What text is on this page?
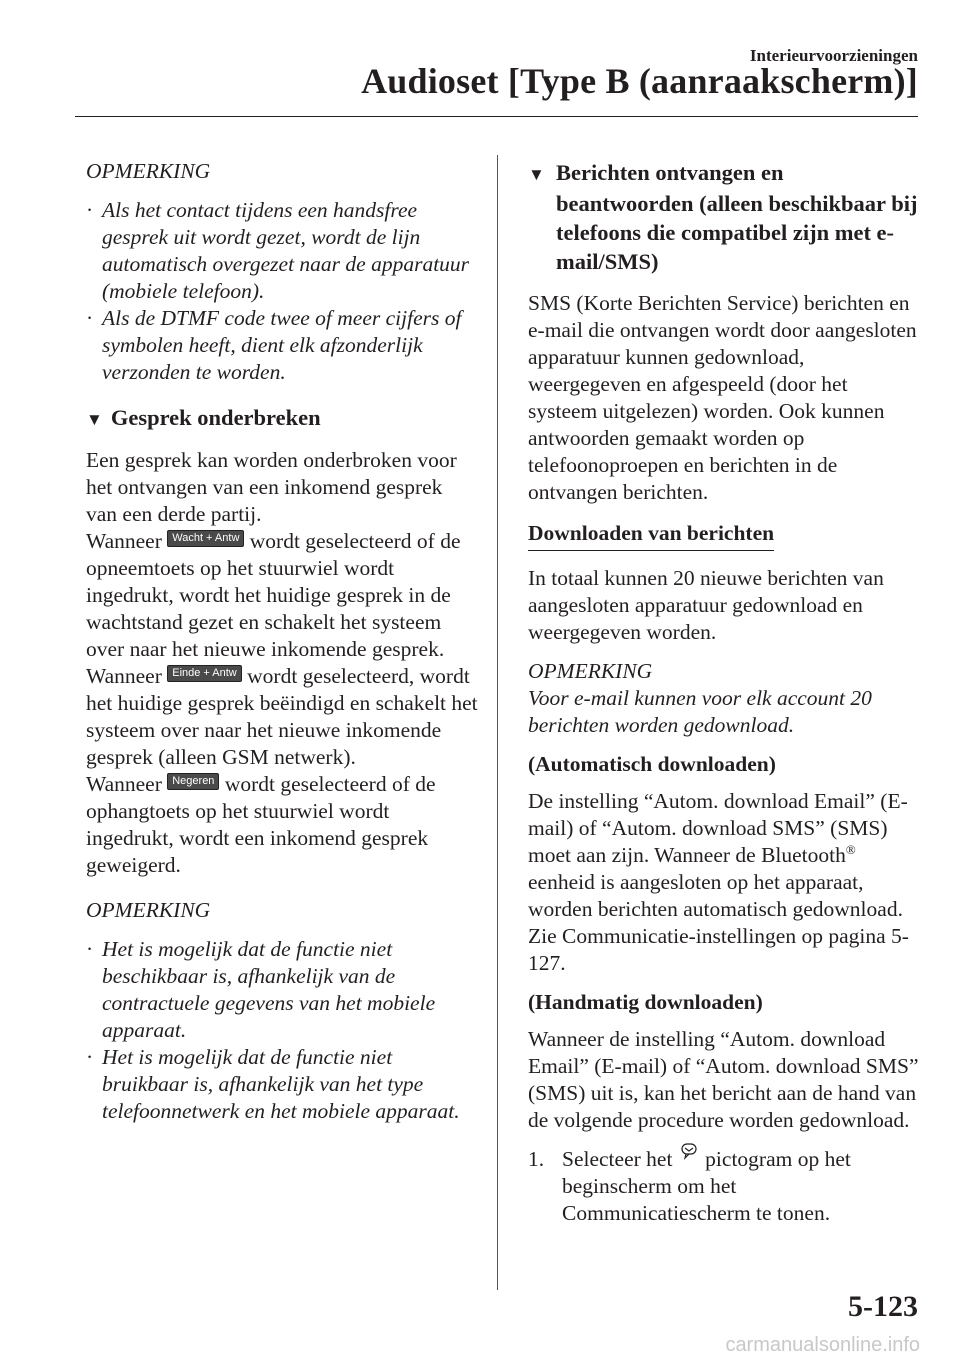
Interieurvoorzieningen
Audioset [Type B (aanraakscherm)]

OPMERKING

· Als het contact tijdens een handsfree gesprek uit wordt gezet, wordt de lijn automatisch overgezet naar de apparatuur (mobiele telefoon).

· Als de DTMF code twee of meer cijfers of symbolen heeft, dient elk afzonderlijk verzonden te worden.

▼ Gesprek onderbreken

Een gesprek kan worden onderbroken voor het ontvangen van een inkomend gesprek van een derde partij.

Wanneer Wacht + Antw wordt geselecteerd of de opneemtoets op het stuurwiel wordt ingedrukt, wordt het huidige gesprek in de wachtstand gezet en schakelt het systeem over naar het nieuwe inkomende gesprek.

Wanneer Einde + Antw wordt geselecteerd, wordt het huidige gesprek beëindigd en schakelt het systeem over naar het nieuwe inkomende gesprek (alleen GSM netwerk).

Wanneer Negeren wordt geselecteerd of de ophangtoets op het stuurwiel wordt ingedrukt, wordt een inkomend gesprek geweigerd.

OPMERKING

· Het is mogelijk dat de functie niet beschikbaar is, afhankelijk van de contractuele gegevens van het mobiele apparaat.

· Het is mogelijk dat de functie niet bruikbaar is, afhankelijk van het type telefoonnetwerk en het mobiele apparaat.

▼ Berichten ontvangen en beantwoorden (alleen beschikbaar bij telefoons die compatibel zijn met e-mail/SMS)

SMS (Korte Berichten Service) berichten en e-mail die ontvangen wordt door aangesloten apparatuur kunnen gedownload, weergegeven en afgespeeld (door het systeem uitgelezen) worden. Ook kunnen antwoorden gemaakt worden op telefoonoproepen en berichten in de ontvangen berichten.

Downloaden van berichten

In totaal kunnen 20 nieuwe berichten van aangesloten apparatuur gedownload en weergegeven worden.

OPMERKING

Voor e-mail kunnen voor elk account 20 berichten worden gedownload.

(Automatisch downloaden)

De instelling “Autom. download Email” (E-mail) of “Autom. download SMS” (SMS) moet aan zijn. Wanneer de Bluetooth® eenheid is aangesloten op het apparaat, worden berichten automatisch gedownload.

Zie Communicatie-instellingen op pagina 5-127.

(Handmatig downloaden)

Wanneer de instelling “Autom. download Email” (E-mail) of “Autom. download SMS” (SMS) uit is, kan het bericht aan de hand van de volgende procedure worden gedownload.

1. Selecteer het pictogram op het beginscherm om het Communicatiescherm te tonen.

5-123
carmanualsonline.info
